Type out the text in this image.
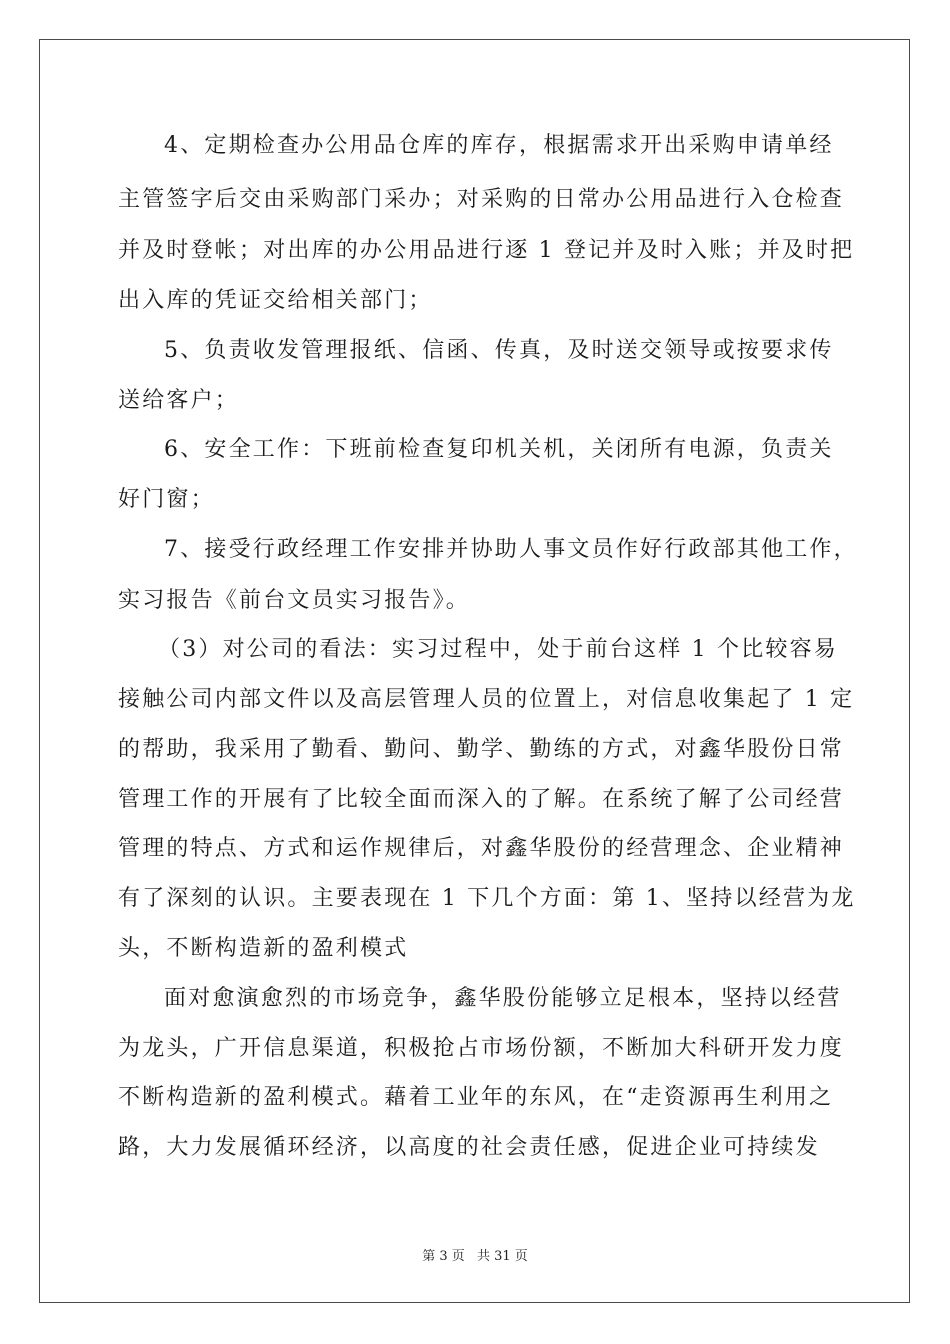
4、定期检查办公用品仓库的库存，根据需求开出采购申请单经
主管签字后交由采购部门采办；对采购的日常办公用品进行入仓检查
并及时登帐；对出库的办公用品进行逐 1 登记并及时入账；并及时把
出入库的凭证交给相关部门；
5、负责收发管理报纸、信函、传真，及时送交领导或按要求传
送给客户；
6、安全工作：下班前检查复印机关机，关闭所有电源，负责关
好门窗；
7、接受行政经理工作安排并协助人事文员作好行政部其他工作，
实习报告《前台文员实习报告》。
（3）对公司的看法：实习过程中，处于前台这样 1 个比较容易
接触公司内部文件以及高层管理人员的位置上，对信息收集起了 1 定
的帮助，我采用了勤看、勤问、勤学、勤练的方式，对鑫华股份日常
管理工作的开展有了比较全面而深入的了解。在系统了解了公司经营
管理的特点、方式和运作规律后，对鑫华股份的经营理念、企业精神
有了深刻的认识。主要表现在 1 下几个方面：第 1、坚持以经营为龙
头，不断构造新的盈利模式
面对愈演愈烈的市场竞争，鑫华股份能够立足根本，坚持以经营
为龙头，广开信息渠道，积极抢占市场份额，不断加大科研开发力度
不断构造新的盈利模式。藉着工业年的东风，在“走资源再生利用之
路，大力发展循环经济，以高度的社会责任感，促进企业可持续发
第 3 页 共 31 页
